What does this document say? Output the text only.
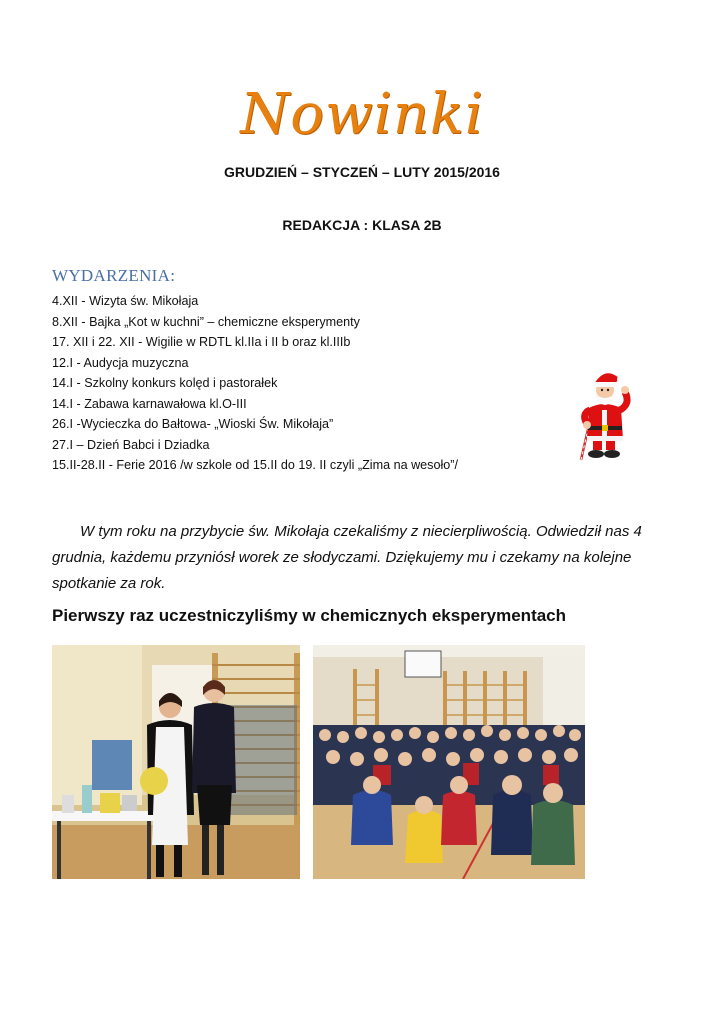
Nowinki
GRUDZIEŃ – STYCZEŃ – LUTY 2015/2016
REDAKCJA : KLASA 2B
WYDARZENIA:
4.XII - Wizyta św. Mikołaja
8.XII - Bajka „Kot w kuchni” – chemiczne eksperymenty
17. XII i 22. XII - Wigilie w RDTL kl.IIa i II b oraz kl.IIIb
12.I - Audycja muzyczna
14.I - Szkolny konkurs kolęd i pastorałek
14.I - Zabawa karnawałowa kl.O-III
26.I -Wycieczka do Bałtowa- „Wioski Św. Mikołaja”
27.I – Dzień Babci i Dziadka
15.II-28.II - Ferie 2016 /w szkole od 15.II do 19. II czyli „Zima na wesoło”/
W tym roku na przybycie św. Mikołaja czekaliśmy z niecierpliwością. Odwiedził nas 4 grudnia, każdemu przyniósł worek ze słodyczami. Dziękujemy mu i czekamy na kolejne spotkanie za rok.
Pierwszy raz uczestniczyliśmy w chemicznych eksperymentach
